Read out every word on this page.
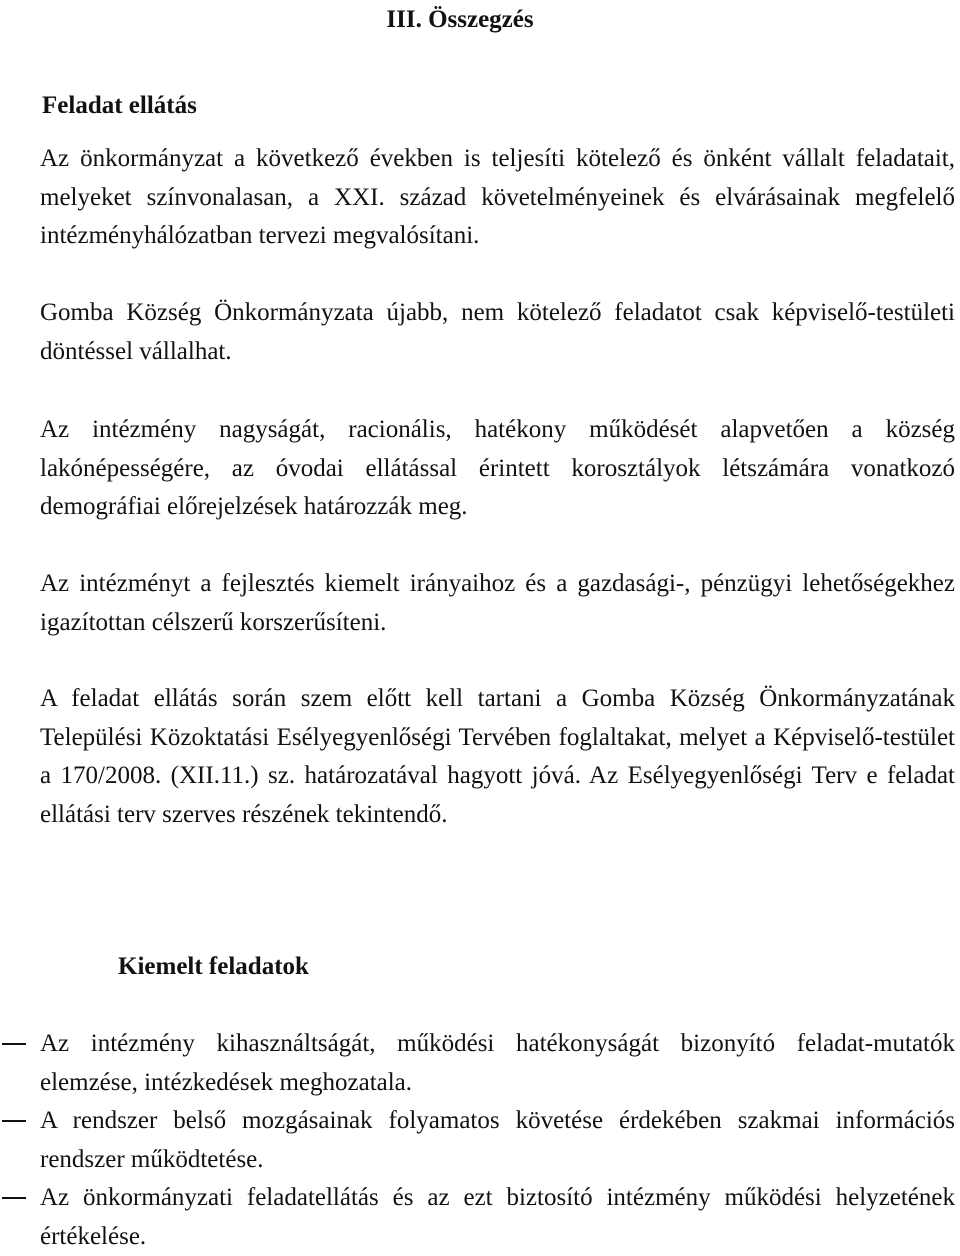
III. Összegzés
Feladat ellátás

Az önkormányzat a következő években is teljesíti kötelező és önként vállalt feladatait, melyeket színvonalasan, a XXI. század követelményeinek és elvárásainak megfelelő intézményhálózatban tervezi megvalósítani.

Gomba Község Önkormányzata újabb, nem kötelező feladatot csak képviselő-testületi döntéssel vállalhat.

Az intézmény nagyságát, racionális, hatékony működését alapvetően a község lakónépességére, az óvodai ellátással érintett korosztályok létszámára vonatkozó demográfiai előrejelzések határozzák meg.

Az intézményt a fejlesztés kiemelt irányaihoz és a gazdasági-, pénzügyi lehetőségekhez igazítottan célszerű korszerűsíteni.

A feladat ellátás során szem előtt kell tartani a Gomba Község Önkormányzatának Települési Közoktatási Esélyegyenlőségi Tervében foglaltakat, melyet a Képviselő-testület a 170/2008. (XII.11.) sz. határozatával hagyott jóvá. Az Esélyegyenlőségi Terv e feladat ellátási terv szerves részének tekintendő.

Kiemelt feladatok
Az intézmény kihasználtságát, működési hatékonyságát bizonyító feladat-mutatók elemzése, intézkedések meghozatala.
A rendszer belső mozgásainak folyamatos követése érdekében szakmai információs rendszer működtetése.
Az önkormányzati feladatellátás és az ezt biztosító intézmény működési helyzetének értékelése.
